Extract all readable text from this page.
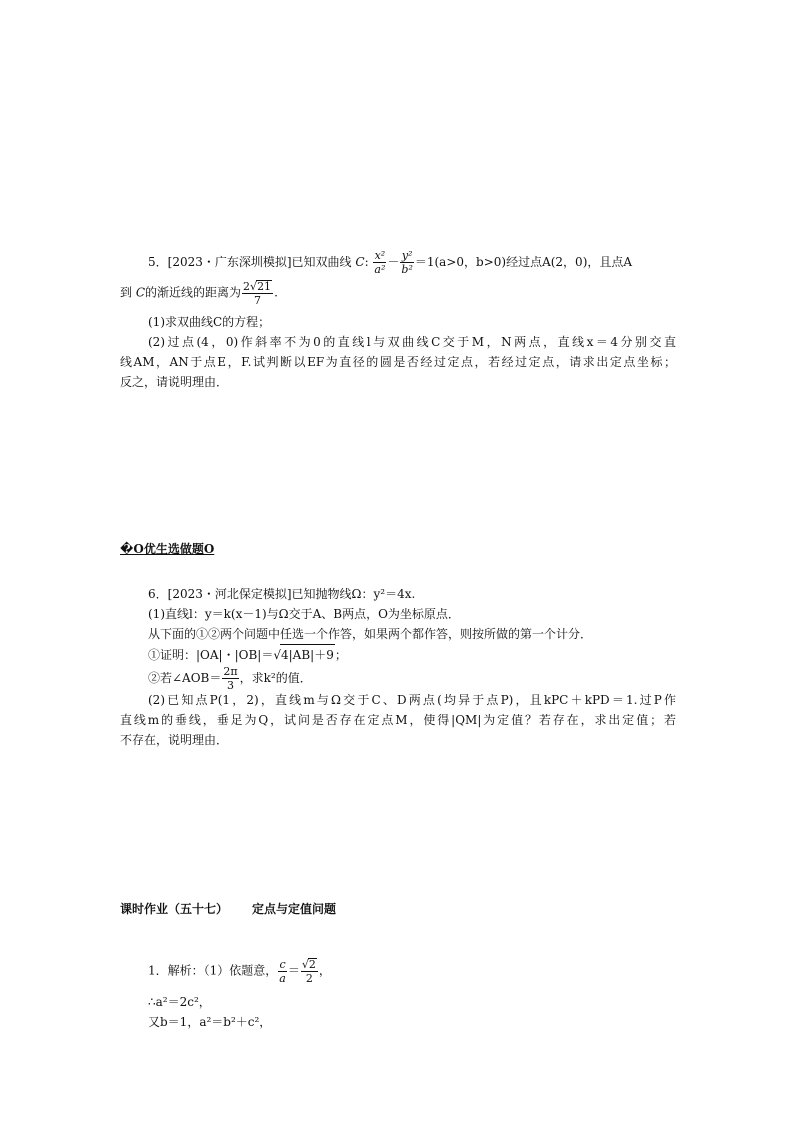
5．[2023・广东深圳模拟]已知双曲线 C: $\frac{\text{x²}}{\text{a²}} - \frac{\text{y²}}{\text{b²}} =1(a>0$，b>0)经过点A(2，0)，且点A
到 C的渐近线的距离为 $\frac{2√21}{7}$ .
(1)求双曲线C的方程；
(2)过点(4，0)作斜率不为0的直线l与双曲线C交于M，N两点，直线x＝4分别交直
线AM，AN于点E，F.试判断以EF为直径的圆是否经过定点，若经过定点，请求出定点坐标；
反之，请说明理由．
�O优生选做题O
6．[2023・河北保定模拟]已知抛物线Ω：y²＝4x.
(1)直线l：y＝k(x－1)与Ω交于A、B两点，O为坐标原点．
从下面的①②两个问题中任选一个作答，如果两个都作答，则按所做的第一个计分．
①证明：|OA|・|OB|＝√4|AB|＋9；
②若∠AOB＝ $\frac{2\pi}{3}$ ，求k²的值．
(2)已知点P(1，2)，直线m与Ω交于C、D两点(均异于点P)，且kPC＋kPD＝1.过P作
直线m的垂线，垂足为Q，试问是否存在定点M，使得|QM|为定值？若存在，求出定值；若
不存在，说明理由．
课时作业（五十七） 定点与定值问题
1．解析：（1）依题意， $\frac{c}{a} = \frac{√2}{2}$ ，
∴a²＝2c²，
又b＝1，a²＝b²＋c²，
